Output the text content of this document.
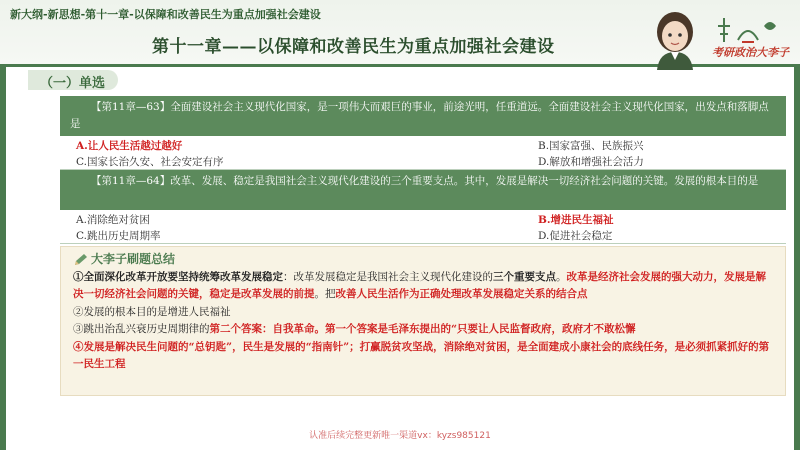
新大纲-新思想-第十一章-以保障和改善民生为重点加强社会建设
第十一章——以保障和改善民生为重点加强社会建设	考研政治大李子
（一）单选

【第11章—63】全面建设社会主义现代化国家，是一项伟大而艰巨的事业，前途光明，任重道远。全面建设社会主义现代化国家，出发点和落脚点是

A.让人民生活越过越好	B.国家富强、民族振兴
C.国家长治久安、社会安定有序	D.解放和增强社会活力

【第11章—64】改革、发展、稳定是我国社会主义现代化建设的三个重要支点。其中，发展是解决一切经济社会问题的关键。发展的根本目的是

A.消除绝对贫困	B.增进民生福祉
C.跳出历史周期率	D.促进社会稳定
大李子刷题总结
①全面深化改革开放要坚持统筹改革发展稳定：改革发展稳定是我国社会主义现代化建设的三个重要支点。改革是经济社会发展的强大动力，发展是解决一切经济社会问题的关键，稳定是改革发展的前提。把改善人民生活作为正确处理改革发展稳定关系的结合点
②发展的根本目的是增进人民福祉
③跳出治乱兴衰历史周期律的第二个答案：自我革命。第一个答案是毛泽东提出的“只要让人民监督政府，政府才不敢松懈
④发展是解决民生问题的“总钥匙”，民生是发展的“指南针”；打赢脱贫攻坚战，消除绝对贫困，是全面建成小康社会的底线任务，是必须抓紧抓好的第一民生工程
认准后续完整更新唯一渠道vx：kyzs985121
